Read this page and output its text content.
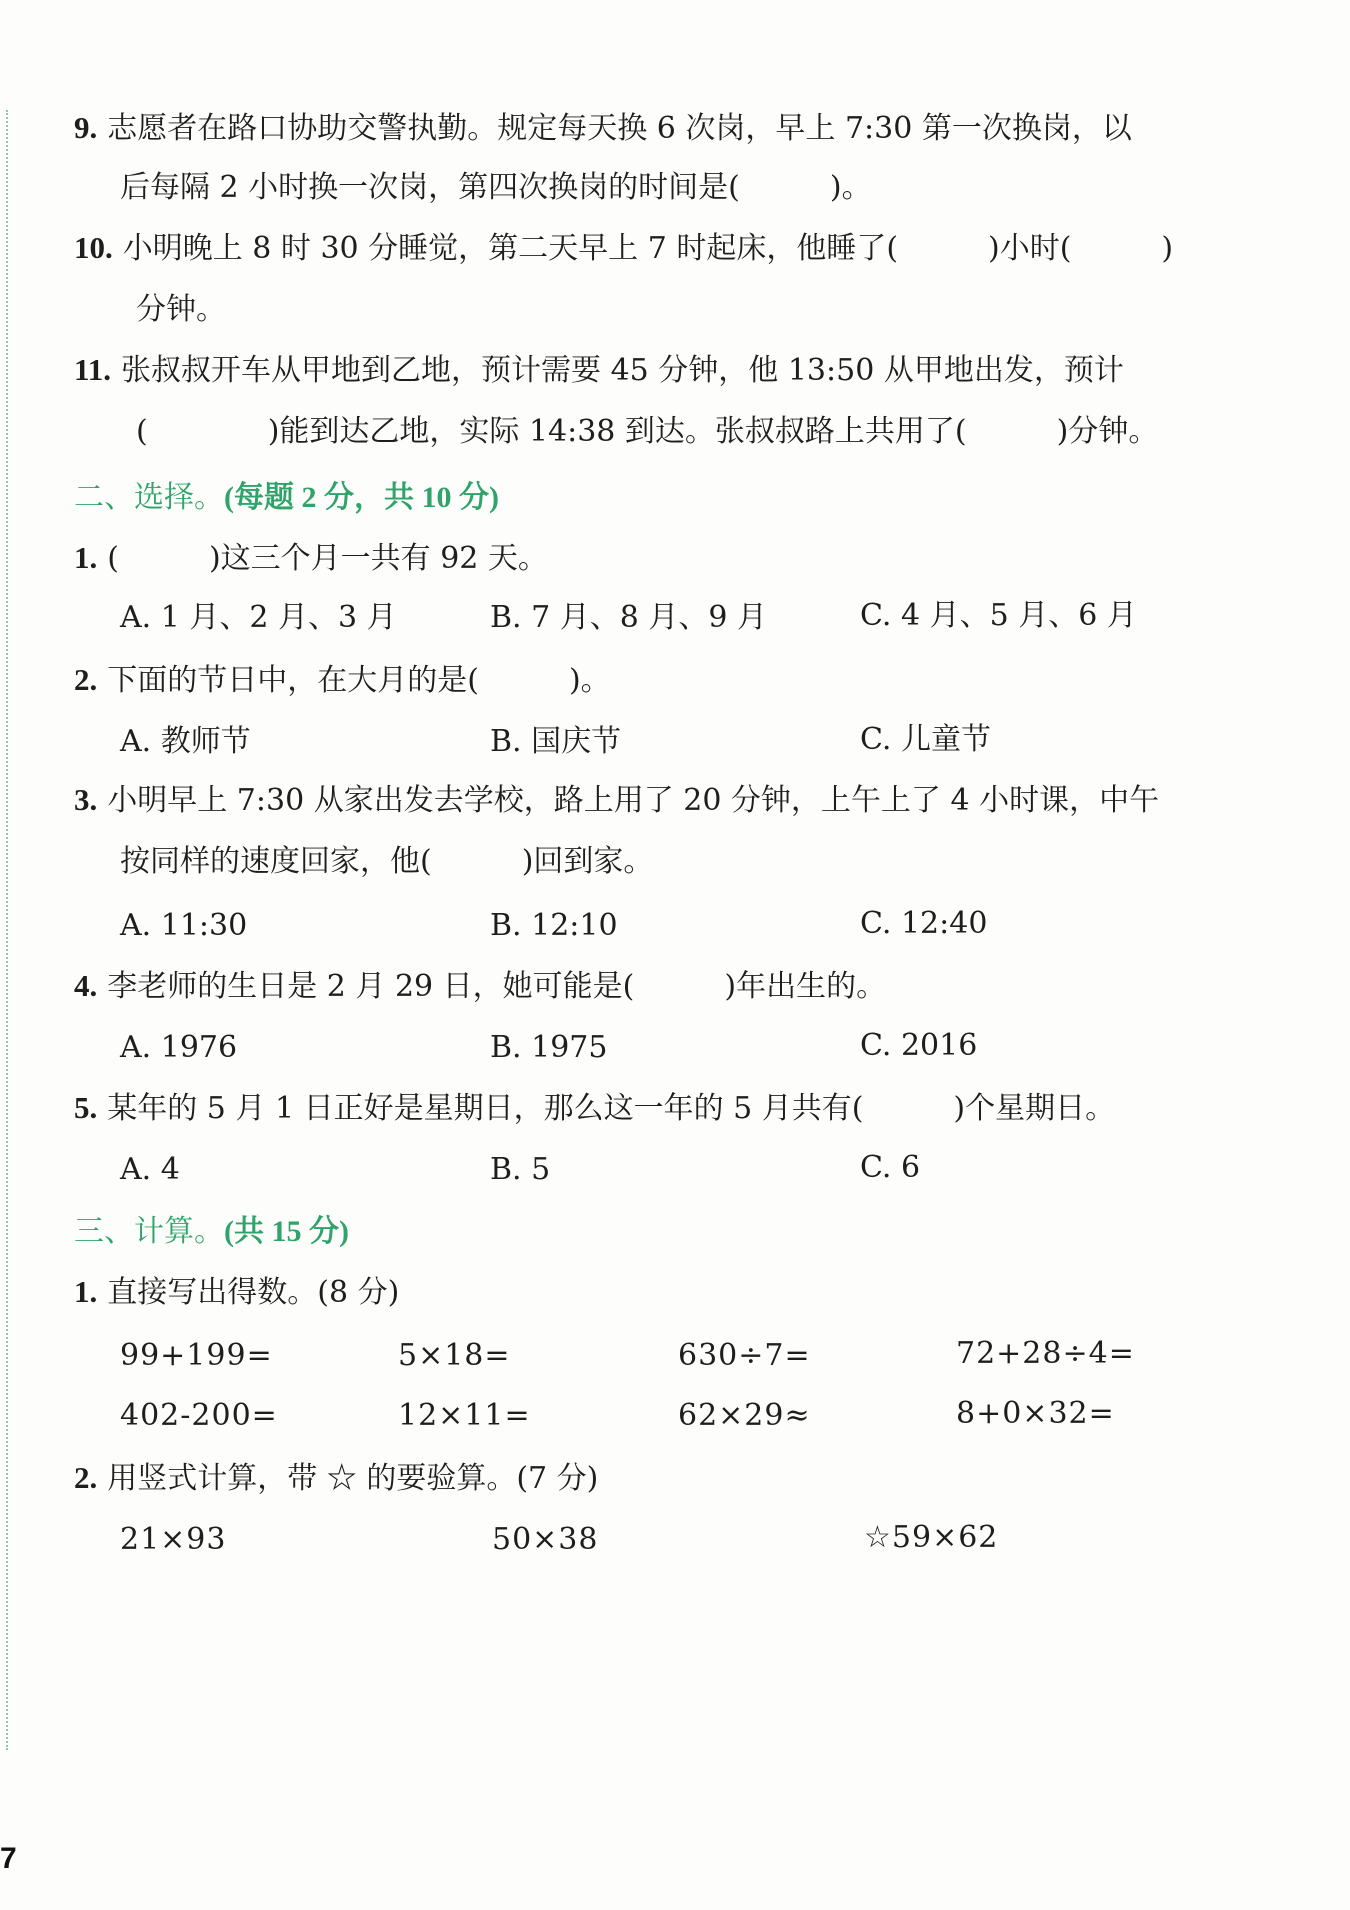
9. 志愿者在路口协助交警执勤。规定每天换 6 次岗，早上 7:30 第一次换岗，以
后每隔 2 小时换一次岗，第四次换岗的时间是(　　　)。
10. 小明晚上 8 时 30 分睡觉，第二天早上 7 时起床，他睡了(　　　)小时(　　　)
分钟。
11. 张叔叔开车从甲地到乙地，预计需要 45 分钟，他 13:50 从甲地出发，预计
(　　　　)能到达乙地，实际 14:38 到达。张叔叔路上共用了(　　　)分钟。
二、选择。(每题 2 分，共 10 分)
1. (　　　)这三个月一共有 92 天。
A. 1 月、2 月、3 月	B. 7 月、8 月、9 月	C. 4 月、5 月、6 月
2. 下面的节日中，在大月的是(　　　)。
A. 教师节	B. 国庆节	C. 儿童节
3. 小明早上 7:30 从家出发去学校，路上用了 20 分钟，上午上了 4 小时课，中午
按同样的速度回家，他(　　　)回到家。
A. 11:30	B. 12:10	C. 12:40
4. 李老师的生日是 2 月 29 日，她可能是(　　　)年出生的。
A. 1976	B. 1975	C. 2016
5. 某年的 5 月 1 日正好是星期日，那么这一年的 5 月共有(　　　)个星期日。
A. 4	B. 5	C. 6
三、计算。(共 15 分)
1. 直接写出得数。(8 分)
99+199=	5×18=	630÷7=	72+28÷4=
402-200=	12×11=	62×29≈	8+0×32=
2. 用竖式计算，带 ☆ 的要验算。(7 分)
21×93	50×38	☆59×62
7
